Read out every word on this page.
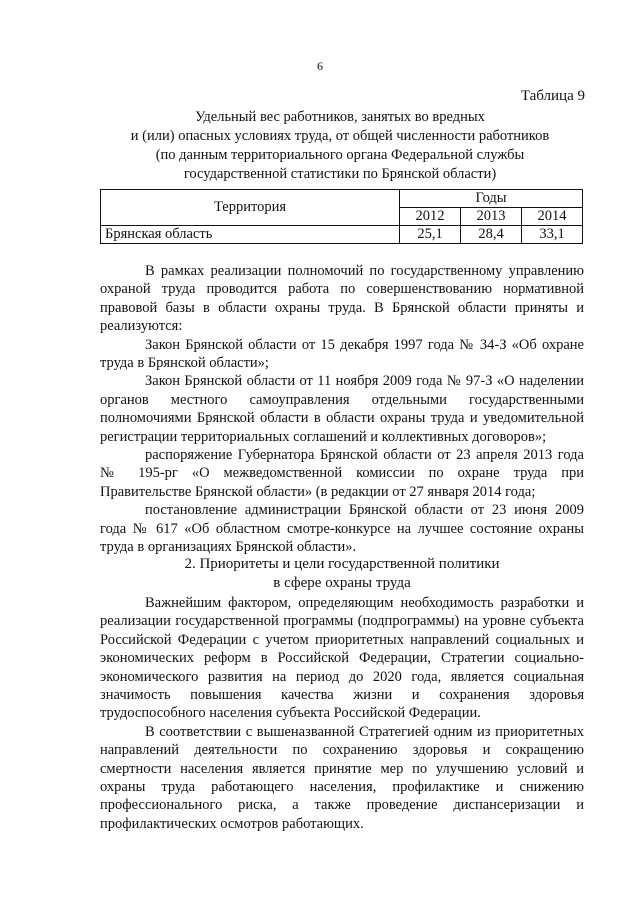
6
Таблица 9
Удельный вес работников, занятых во вредных
и (или) опасных условиях труда, от общей численности работников
(по данным территориального органа Федеральной службы
государственной статистики по Брянской области)
Территория	Годы		
	2012	2013	2014
Брянская область	25,1	28,4	33,1

В рамках реализации полномочий по государственному управлению охраной труда проводится работа по совершенствованию нормативной правовой базы в области охраны труда. В Брянской области приняты и реализуются:

Закон Брянской области от 15 декабря 1997 года № 34-З «Об охране труда в Брянской области»;

Закон Брянской области от 11 ноября 2009 года № 97-З «О наделении органов местного самоуправления отдельными государственными полномочиями Брянской области в области охраны труда и уведомительной регистрации территориальных соглашений и коллективных договоров»;

распоряжение Губернатора Брянской области от 23 апреля 2013 года № 195-рг «О межведомственной комиссии по охране труда при Правительстве Брянской области» (в редакции от 27 января 2014 года;

постановление администрации Брянской области от 23 июня 2009 года № 617 «Об областном смотре-конкурсе на лучшее состояние охраны труда в организациях Брянской области».

2. Приоритеты и цели государственной политики
в сфере охраны труда

Важнейшим фактором, определяющим необходимость разработки и реализации государственной программы (подпрограммы) на уровне субъекта Российской Федерации с учетом приоритетных направлений социальных и экономических реформ в Российской Федерации, Стратегии социально-экономического развития на период до 2020 года, является социальная значимость повышения качества жизни и сохранения здоровья трудоспособного населения субъекта Российской Федерации.

В соответствии с вышеназванной Стратегией одним из приоритетных направлений деятельности по сохранению здоровья и сокращению смертности населения является принятие мер по улучшению условий и охраны труда работающего населения, профилактике и снижению профессионального риска, а также проведение диспансеризации и профилактических осмотров работающих.
